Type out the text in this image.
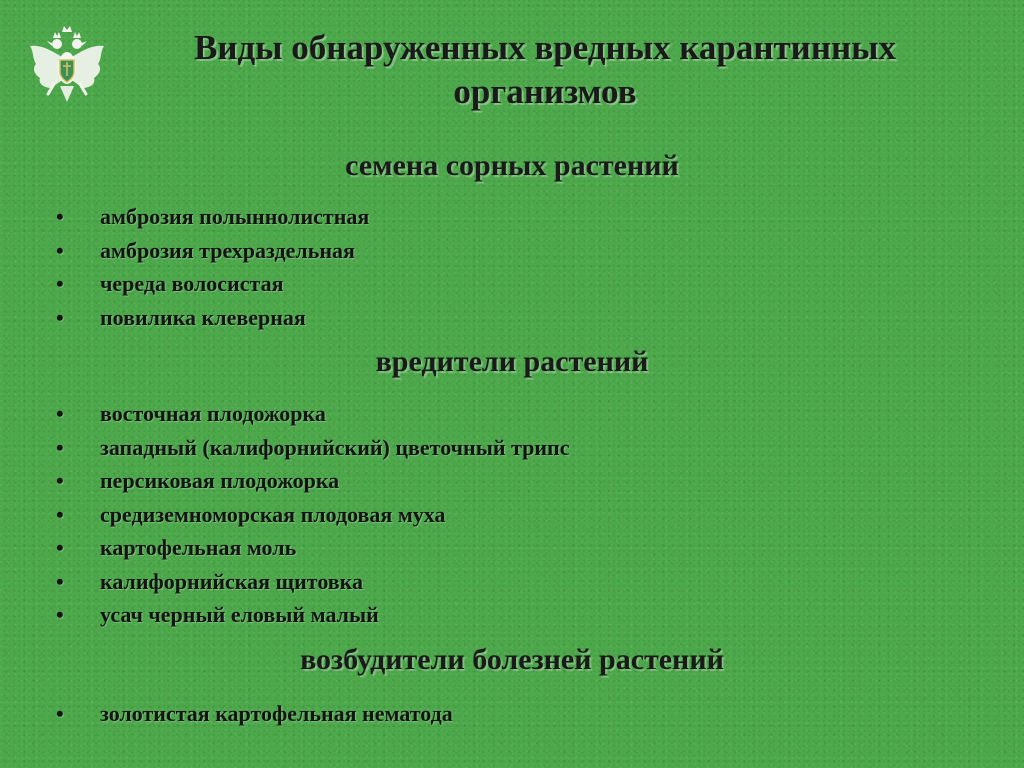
Виды обнаруженных вредных карантинных организмов
семена сорных растений
• амброзия полыннолистная
• амброзия трехраздельная
• череда волосистая
• повилика клеверная
вредители растений
• восточная плодожорка
• западный (калифорнийский) цветочный трипс
• персиковая плодожорка
• средиземноморская плодовая муха
• картофельная моль
• калифорнийская щитовка
• усач черный еловый малый
возбудители болезней растений
• золотистая картофельная нематода
